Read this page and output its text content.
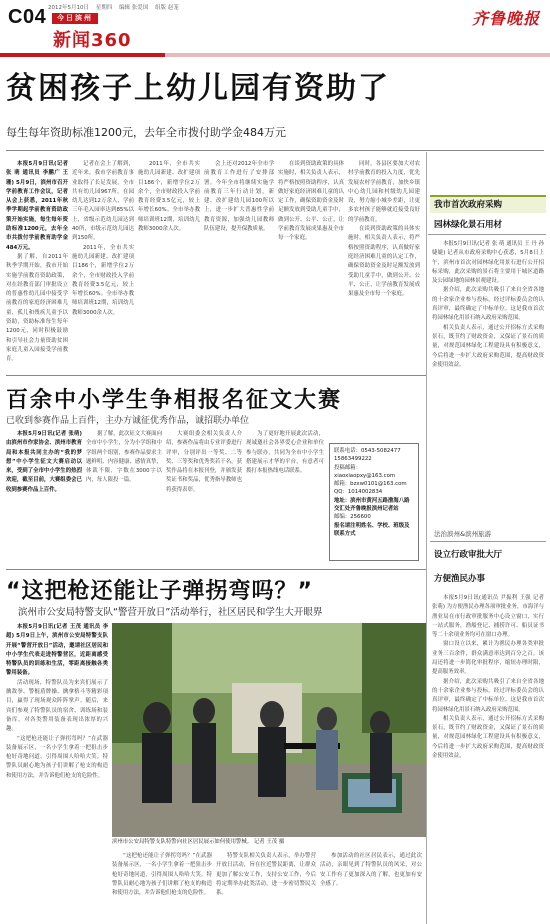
C04 2012年5月10日 星期四 编辑 张爱国 组版 赵茏
今日滨州
新闻360
齐鲁晚报
贫困孩子上幼儿园有资助了
每生每年资助标准1200元，去年全市拨付助学金484万元

本报5月9日讯(记者 张 萌 通讯员 李鹏广 王珊) 5月9日，滨州市召开学前教育工作会议，记者从会上获悉，2011年秋季学期起学前教育资助政策开始实施，每生每年资助标准1200元，去年全市共拨付学前教育助学金484万元。

据了解，自2011年秋季学期开始，我市开始实施学前教育资助政策，对在经教育部门审批设立的普惠性幼儿园中接受学前教育的家庭经济困难儿童、孤儿和残疾儿童予以资助，资助标准每生每年1200元，同时积极鼓励和引导社会力量资助贫困家庭儿童入园接受学前教育。

记者在会上了解到，近年来，我市学前教育事业取得了长足发展，全市共有幼儿园967所，在园幼儿达到12万余人，学前三年毛入园率达到85%以上，省级示范幼儿园达到40所，市级示范幼儿园达到150所。

2011年，全市共实施幼儿园新建、改扩建项目186个，新增学位2万余个，全市财政投入学前教育经费3.5亿元，较上年增长60%。全市举办教师培训班12期，培训幼儿教师3000余人次。

2011年，全市共实施幼儿园新建、改扩建项目186个，新增学位2万余个，全市财政投入学前教育经费3.5亿元，较上年增长60%。全市举办教师培训班12期，培训幼儿教师3000余人次。

会上还对2012年全市学前教育工作进行了安排部署。今年全市将继续实施学前教育三年行动计划，新建、改扩建幼儿园100所以上，进一步扩大普惠性学前教育资源，加强幼儿园教师队伍建设，提升保教质量。

在谈到资助政策的具体实施时，相关负责人表示，将严格按照资助程序，认真做好家庭经济困难儿童的认定工作，确保资助资金及时足额发放到受助儿童手中，做到公开、公平、公正，让学前教育发展成果惠及全市每一个家庭。

同时，各县区要加大对农村学前教育的投入力度，优先发展农村学前教育，加快乡镇中心幼儿园和村级幼儿园建设，努力缩小城乡差距，让更多农村孩子能够就近接受良好的学前教育。

在谈到资助政策的具体实施时，相关负责人表示，将严格按照资助程序，认真做好家庭经济困难儿童的认定工作，确保资助资金及时足额发放到受助儿童手中，做到公开、公平、公正，让学前教育发展成果惠及全市每一个家庭。

我市首次政府采购
园林绿化景石用材

本报5月9日讯(记者 张 萌 通讯员 王 丹 孙婕婕) 记者从市政府采购中心获悉，5月8日上午，滨州市首次对园林绿化用景石进行公开招标采购，此次采购的景石将主要用于城区道路及公园绿地的园林景观建设。

据介绍，此次采购共吸引了来自全省各地的十余家企业参与投标，经过评标委员会的认真评审，最终确定了中标单位。这是我市首次将园林绿化用景石纳入政府采购范围。

相关负责人表示，通过公开招标方式采购景石，既节约了财政资金，又保证了景石的质量，对规范园林绿化工程建设具有积极意义，今后将进一步扩大政府采购范围，提高财政资金使用效益。

法治滨州&滨州旅游
设立行政审批大厅
方便渔民办事

本报5月9日讯(通讯员 尹振利 王强 记者 张萌) 为方便渔民办理各项审批业务，市海洋与渔业局在市行政审批服务中心设立窗口，实行一站式服务，渔船登记、捕捞许可、船员证书等二十余项业务均可在窗口办理。

窗口设立以来，累计为渔民办理各类审批业务三百余件，群众满意率达到百分之百。该局还将进一步简化审批程序，缩短办理时限，提高服务效率。

据介绍，此次采购共吸引了来自全省各地的十余家企业参与投标，经过评标委员会的认真评审，最终确定了中标单位。这是我市首次将园林绿化用景石纳入政府采购范围。

相关负责人表示，通过公开招标方式采购景石，既节约了财政资金，又保证了景石的质量，对规范园林绿化工程建设具有积极意义，今后将进一步扩大政府采购范围，提高财政资金使用效益。

百余中小学生争相报名征文大赛
已收到参赛作品上百件，主办方诚征优秀作品，诚招联办单位

本报5月9日讯(记者 张萌) 由滨州市作家协会、滨州市教育局和本报共同主办的“我的梦想”中小学生征文大赛启动以来，受到了全市中小学生的热烈欢迎，截至目前，大赛组委会已收到参赛作品上百件。

据了解，此次征文大赛面向全市中小学生，分为小学组和中学组两个组别，参赛作品要求主题鲜明、内容健康、感情真挚，体裁不限，字数在3000字以内，每人限投一篇。

大赛组委会相关负责人介绍，参赛作品将由专业评委进行评审，分别评出一等奖、二等奖、三等奖和优秀奖若干名，获奖作品将在本报刊登，并颁发获奖证书和奖品，优秀指导教师也将获得表彰。

为了更好地开展此次活动，现诚邀社会各界爱心企业和单位参与联办，共同为全市中小学生搭建展示才华的平台，有意者可拨打本报热线电话联系。

联系电话：0543-5082477 15863499222
投稿邮箱：xiaoxiaopxy@163.com
邮箱：bzxw0101@163.com
QQ：1014002834
地址：滨州市黄河五路渤海八路交汇处齐鲁晚报滨州记者站
邮编：256600
报名请注明姓名、学校、班级及联系方式
“这把枪还能让子弹拐弯吗？”
滨州市公安局特警支队“警营开放日”活动举行，社区居民和学生大开眼界

本报5月9日讯(记者 王茂 通讯员 李超) 5月9日上午，滨州市公安局特警支队开展“警营开放日”活动，邀请社区居民和中小学生代表走进特警营区，近距离感受特警队员的训练和生活，零距离接触各类警用装备。

活动现场，特警队员为来宾们展示了擒敌拳、警棍盾牌操、擒拿格斗等精彩项目，赢得了现场观众阵阵掌声。随后，来宾们参观了特警队员的宿舍、训练场和装备库，对各类警用装备表现出浓厚的兴趣。

“这把枪还能让子弹拐弯吗？”在武器装备展示区，一名小学生拿着一把狙击步枪好奇地问道，引得周围人哈哈大笑。特警队员耐心地为孩子们讲解了枪支的构造和使用方法，并告诉他们枪支的危险性。

滨州市公安局特警支队特警向社区居民展示如何使用警械。 记者 王茂 摄

“这把枪还能让子弹拐弯吗？”在武器装备展示区，一名小学生拿着一把狙击步枪好奇地问道，引得周围人哈哈大笑。特警队员耐心地为孩子们讲解了枪支的构造和使用方法，并告诉他们枪支的危险性。

特警支队相关负责人表示，举办警营开放日活动，旨在拉近警民距离，让群众更加了解公安工作，支持公安工作，今后将定期举办此类活动，进一步密切警民关系。

参加活动的社区居民表示，通过此次活动，亲眼见到了特警队员的风采，对公安工作有了更加深入的了解，也更加有安全感了。
